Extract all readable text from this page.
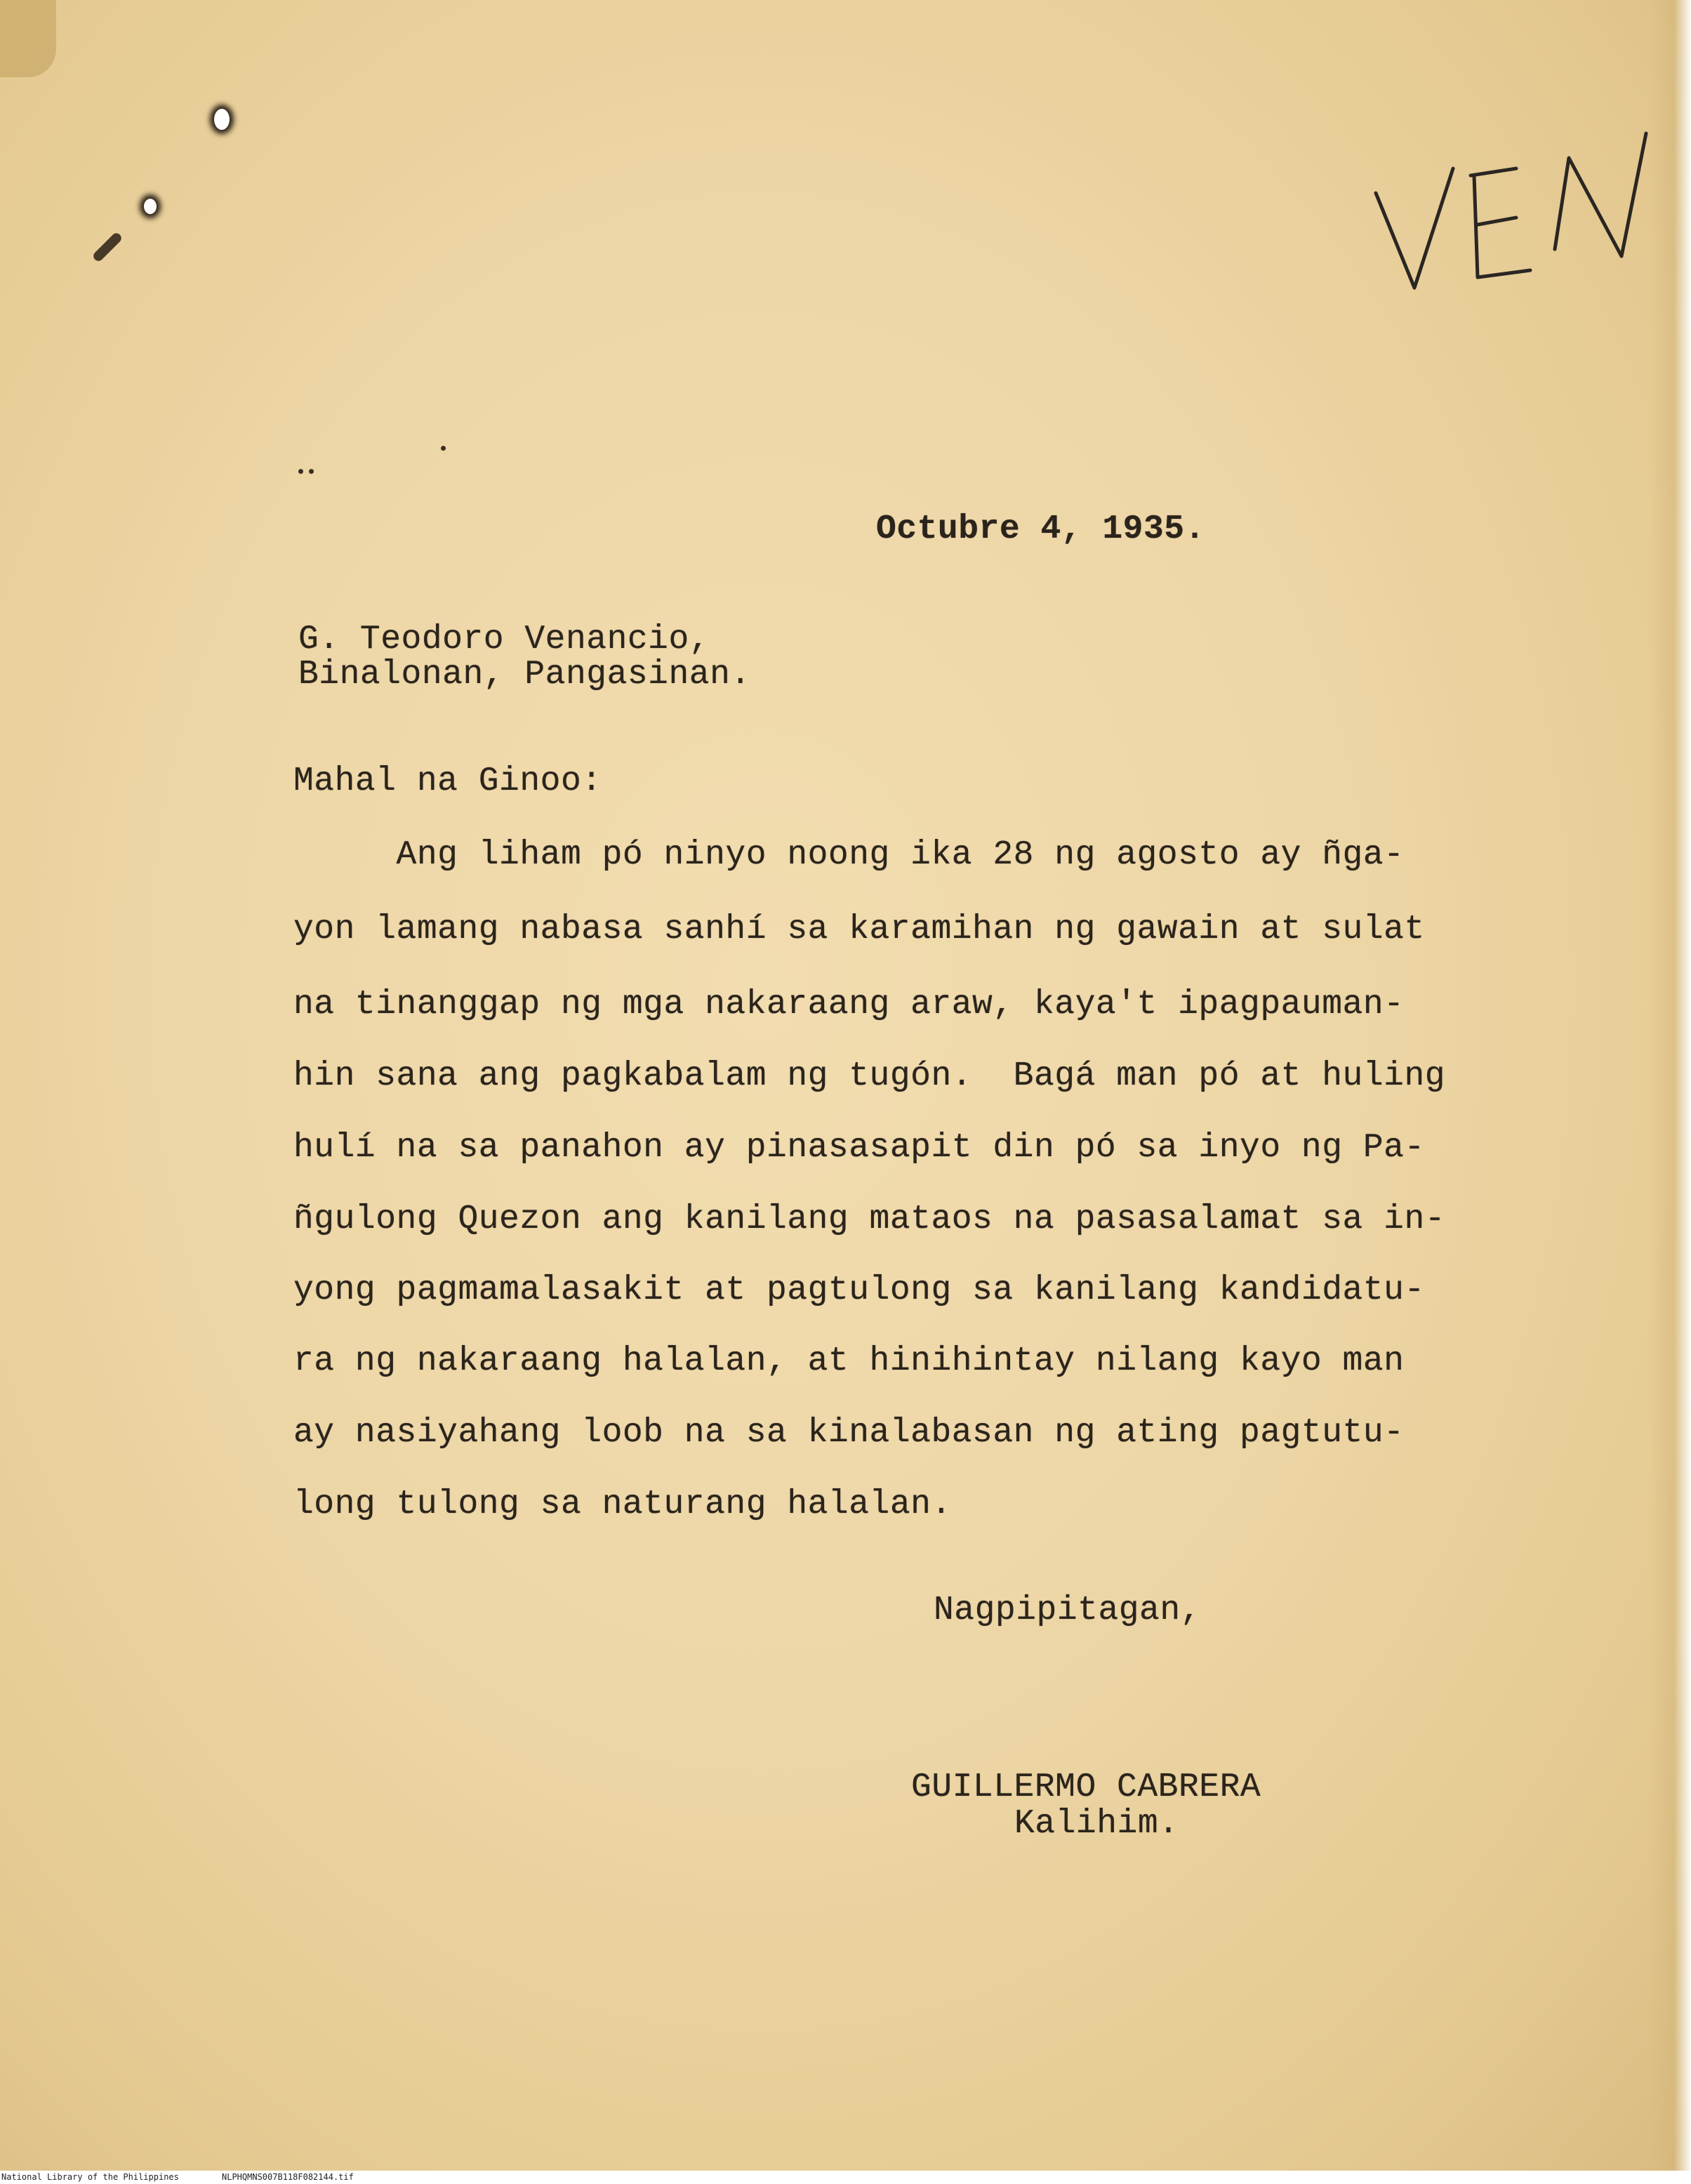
Octubre 4, 1935.
G. Teodoro Venancio,
Binalonan, Pangasinan.
Mahal na Ginoo:
Ang liham pó ninyo noong ika 28 ng agosto ay ñga-
yon lamang nabasa sanhí sa karamihan ng gawain at sulat
na tinanggap ng mga nakaraang araw, kaya't ipagpauman-
hin sana ang pagkabalam ng tugón.  Bagá man pó at huling
hulí na sa panahon ay pinasasapit din pó sa inyo ng Pa-
ñgulong Quezon ang kanilang mataos na pasasalamat sa in-
yong pagmamalasakit at pagtulong sa kanilang kandidatu-
ra ng nakaraang halalan, at hinihintay nilang kayo man
ay nasiyahang loob na sa kinalabasan ng ating pagtutu-
long tulong sa naturang halalan.
Nagpipitagan,
GUILLERMO CABRERA
Kalihim.
National Library of the Philippines	NLPHQMNS007B118F082144.tif
